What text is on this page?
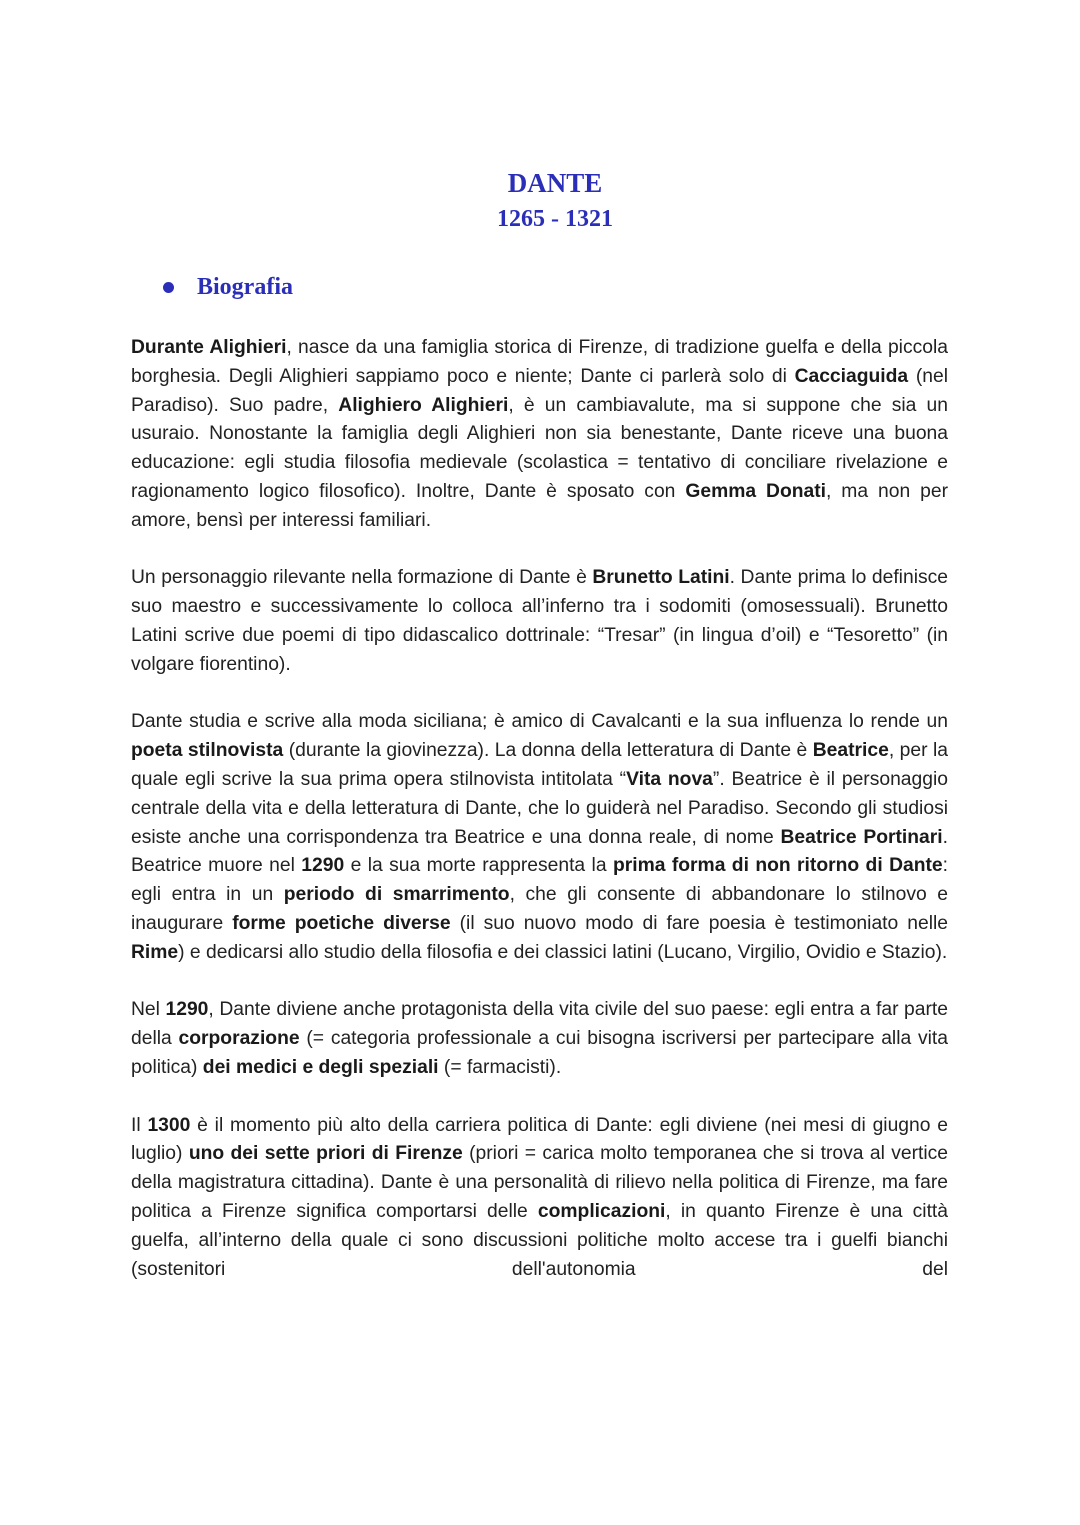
DANTE
1265 - 1321
Biografia

Durante Alighieri, nasce da una famiglia storica di Firenze, di tradizione guelfa e della piccola borghesia. Degli Alighieri sappiamo poco e niente; Dante ci parlerà solo di Cacciaguida (nel Paradiso). Suo padre, Alighiero Alighieri, è un cambiavalute, ma si suppone che sia un usuraio. Nonostante la famiglia degli Alighieri non sia benestante, Dante riceve una buona educazione: egli studia filosofia medievale (scolastica = tentativo di conciliare rivelazione e ragionamento logico filosofico). Inoltre, Dante è sposato con Gemma Donati, ma non per amore, bensì per interessi familiari.

Un personaggio rilevante nella formazione di Dante è Brunetto Latini. Dante prima lo definisce suo maestro e successivamente lo colloca all’inferno tra i sodomiti (omosessuali). Brunetto Latini scrive due poemi di tipo didascalico dottrinale: “Tresar” (in lingua d’oil) e “Tesoretto” (in volgare fiorentino).

Dante studia e scrive alla moda siciliana; è amico di Cavalcanti e la sua influenza lo rende un poeta stilnovista (durante la giovinezza). La donna della letteratura di Dante è Beatrice, per la quale egli scrive la sua prima opera stilnovista intitolata “Vita nova”. Beatrice è il personaggio centrale della vita e della letteratura di Dante, che lo guiderà nel Paradiso. Secondo gli studiosi esiste anche una corrispondenza tra Beatrice e una donna reale, di nome Beatrice Portinari. Beatrice muore nel 1290 e la sua morte rappresenta la prima forma di non ritorno di Dante: egli entra in un periodo di smarrimento, che gli consente di abbandonare lo stilnovo e inaugurare forme poetiche diverse (il suo nuovo modo di fare poesia è testimoniato nelle Rime) e dedicarsi allo studio della filosofia e dei classici latini (Lucano, Virgilio, Ovidio e Stazio).

Nel 1290, Dante diviene anche protagonista della vita civile del suo paese: egli entra a far parte della corporazione (= categoria professionale a cui bisogna iscriversi per partecipare alla vita politica) dei medici e degli speziali (= farmacisti).

Il 1300 è il momento più alto della carriera politica di Dante: egli diviene (nei mesi di giugno e luglio) uno dei sette priori di Firenze (priori = carica molto temporanea che si trova al vertice della magistratura cittadina). Dante è una personalità di rilievo nella politica di Firenze, ma fare politica a Firenze significa comportarsi delle complicazioni, in quanto Firenze è una città guelfa, all’interno della quale ci sono discussioni politiche molto accese tra i guelfi bianchi (sostenitori dell'autonomia del
